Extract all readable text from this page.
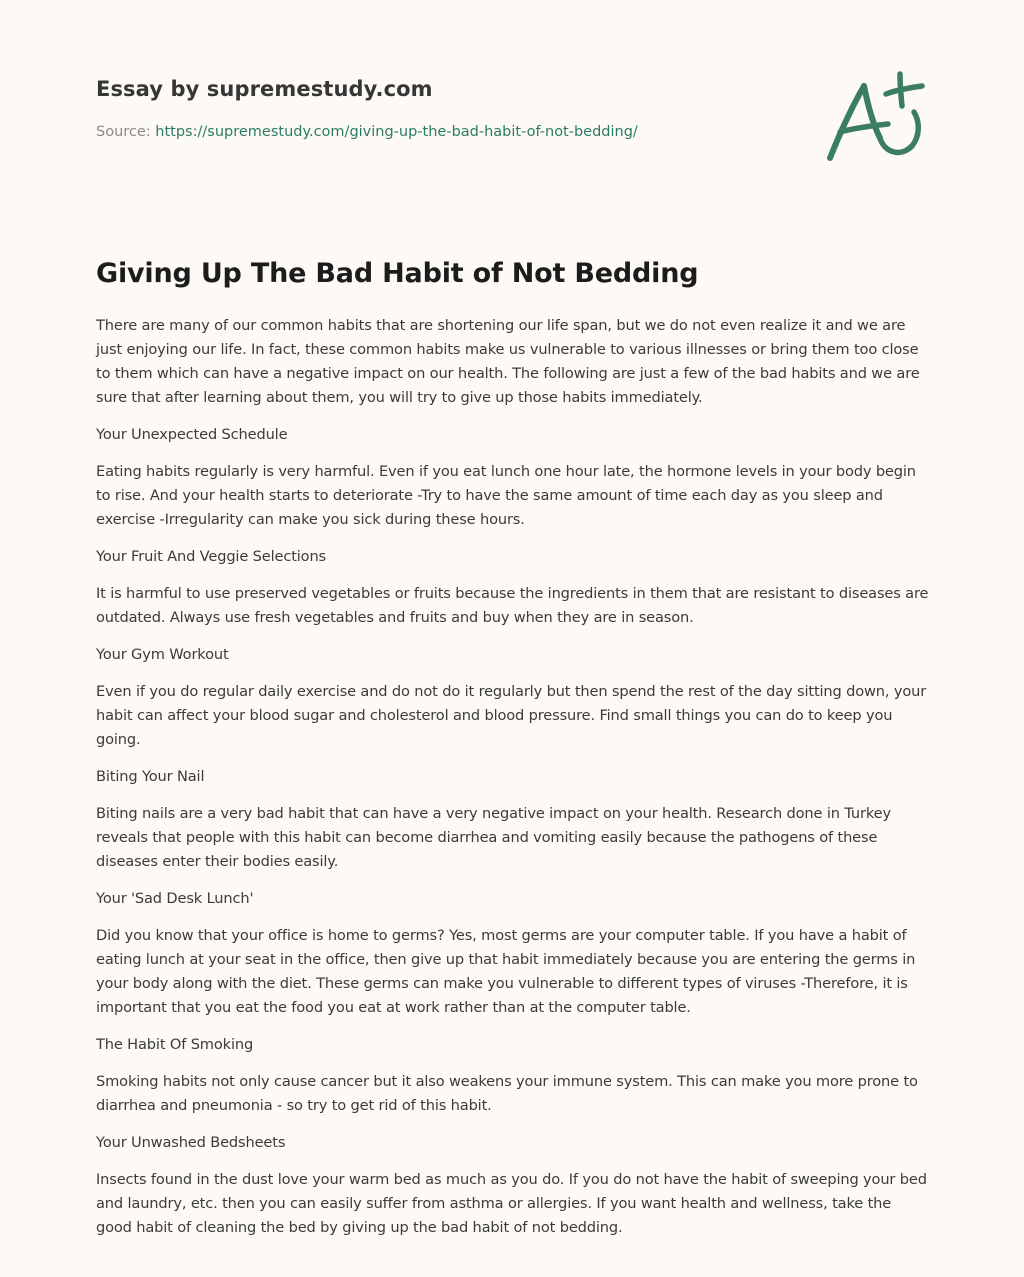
Essay by supremestudy.com
Source: https://supremestudy.com/giving-up-the-bad-habit-of-not-bedding/
Giving Up The Bad Habit of Not Bedding

There are many of our common habits that are shortening our life span, but we do not even realize it and we are just enjoying our life. In fact, these common habits make us vulnerable to various illnesses or bring them too close to them which can have a negative impact on our health. The following are just a few of the bad habits and we are sure that after learning about them, you will try to give up those habits immediately.

Your Unexpected Schedule

Eating habits regularly is very harmful. Even if you eat lunch one hour late, the hormone levels in your body begin to rise. And your health starts to deteriorate -Try to have the same amount of time each day as you sleep and exercise -Irregularity can make you sick during these hours.

Your Fruit And Veggie Selections

It is harmful to use preserved vegetables or fruits because the ingredients in them that are resistant to diseases are outdated. Always use fresh vegetables and fruits and buy when they are in season.

Your Gym Workout

Even if you do regular daily exercise and do not do it regularly but then spend the rest of the day sitting down, your habit can affect your blood sugar and cholesterol and blood pressure. Find small things you can do to keep you going.

Biting Your Nail

Biting nails are a very bad habit that can have a very negative impact on your health. Research done in Turkey reveals that people with this habit can become diarrhea and vomiting easily because the pathogens of these diseases enter their bodies easily.

Your 'Sad Desk Lunch'

Did you know that your office is home to germs? Yes, most germs are your computer table. If you have a habit of eating lunch at your seat in the office, then give up that habit immediately because you are entering the germs in your body along with the diet. These germs can make you vulnerable to different types of viruses -Therefore, it is important that you eat the food you eat at work rather than at the computer table.

The Habit Of Smoking

Smoking habits not only cause cancer but it also weakens your immune system. This can make you more prone to diarrhea and pneumonia - so try to get rid of this habit.

Your Unwashed Bedsheets

Insects found in the dust love your warm bed as much as you do. If you do not have the habit of sweeping your bed and laundry, etc. then you can easily suffer from asthma or allergies. If you want health and wellness, take the good habit of cleaning the bed by giving up the bad habit of not bedding.
